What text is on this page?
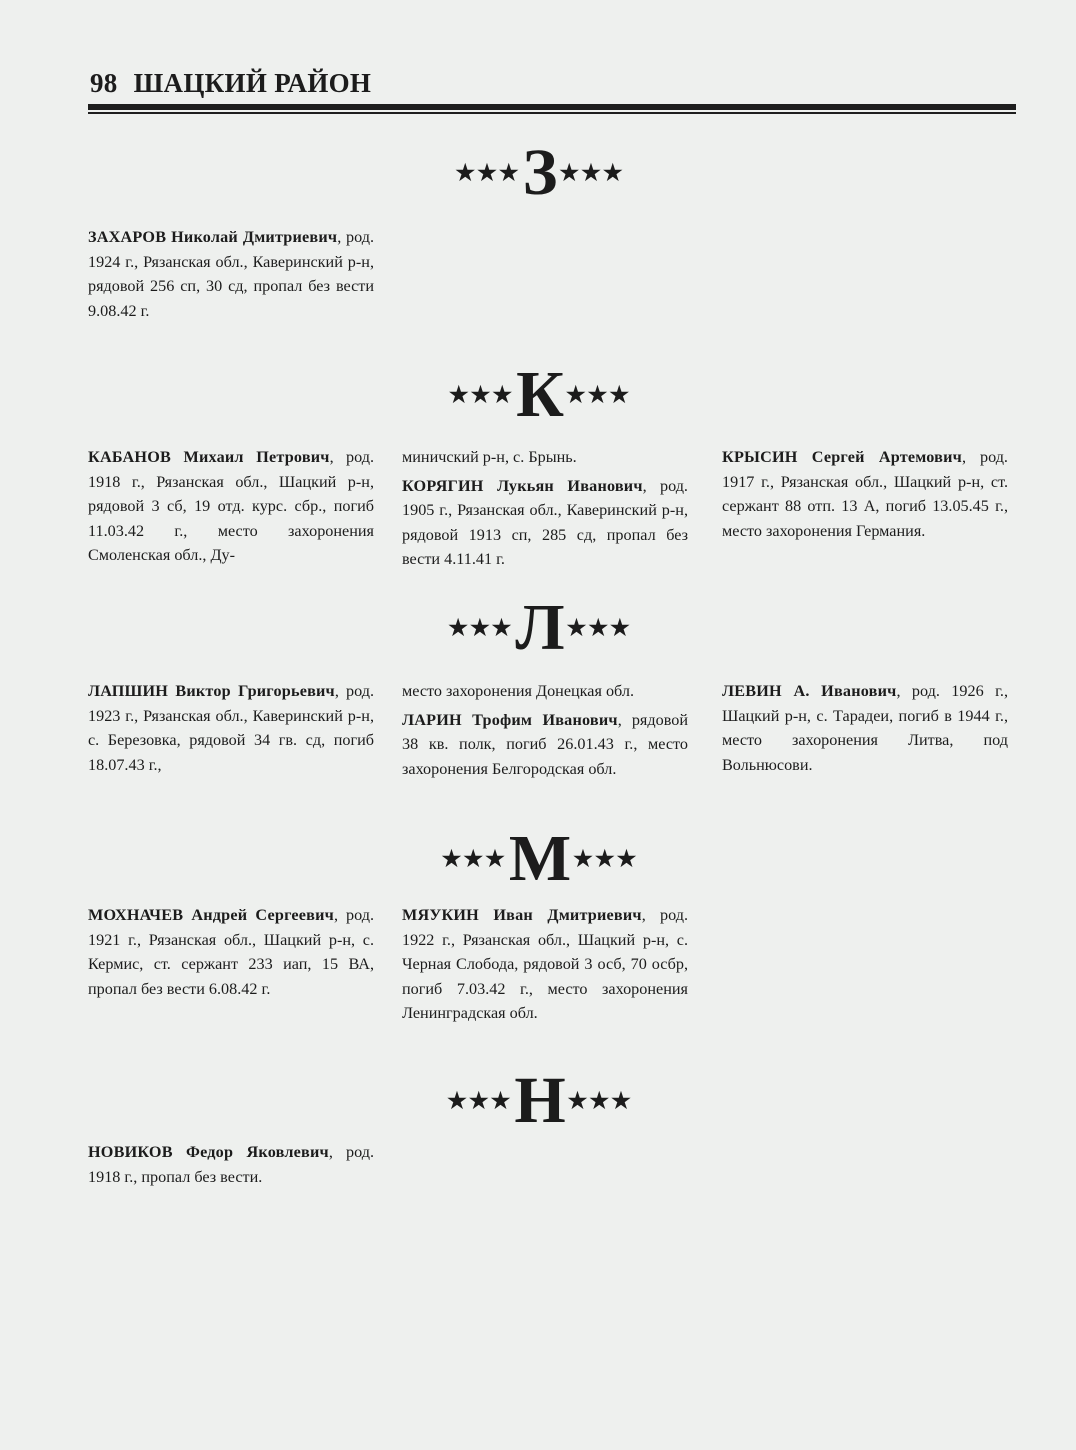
98 ШАЦКИЙ РАЙОН
★★★З★★★

ЗАХАРОВ Николай Дмитриевич, род. 1924 г., Рязанская обл., Каверинский р-н, рядовой 256 сп, 30 сд, пропал без вести 9.08.42 г.

★★★К★★★

КАБАНОВ Михаил Петрович, род. 1918 г., Рязанская обл., Шацкий р-н, рядовой 3 сб, 19 отд. курс. сбр., погиб 11.03.42 г., место захоронения Смоленская обл., Ду-

миничский р-н, с. Брынь.

КОРЯГИН Лукьян Иванович, род. 1905 г., Рязанская обл., Каверинский р-н, рядовой 1913 сп, 285 сд, пропал без вести 4.11.41 г.

КРЫСИН Сергей Артемович, род. 1917 г., Рязанская обл., Шацкий р-н, ст. сержант 88 отп. 13 А, погиб 13.05.45 г., место захоронения Германия.

★★★Л★★★

ЛАПШИН Виктор Григорьевич, род. 1923 г., Рязанская обл., Каверинский р-н, с. Березовка, рядовой 34 гв. сд, погиб 18.07.43 г.,

место захоронения Донецкая обл.

ЛАРИН Трофим Иванович, рядовой 38 кв. полк, погиб 26.01.43 г., место захоронения Белгородская обл.

ЛЕВИН А. Иванович, род. 1926 г., Шацкий р-н, с. Тарадеи, погиб в 1944 г., место захоронения Литва, под Вольнюсови.

★★★М★★★

МОХНАЧЕВ Андрей Сергеевич, род. 1921 г., Рязанская обл., Шацкий р-н, с. Кермис, ст. сержант 233 иап, 15 ВА, пропал без вести 6.08.42 г.

МЯУКИН Иван Дмитриевич, род. 1922 г., Рязанская обл., Шацкий р-н, с. Черная Слобода, рядовой 3 осб, 70 осбр, погиб 7.03.42 г., место захоронения Ленинградская обл.

★★★Н★★★

НОВИКОВ Федор Яковлевич, род. 1918 г., пропал без вести.
